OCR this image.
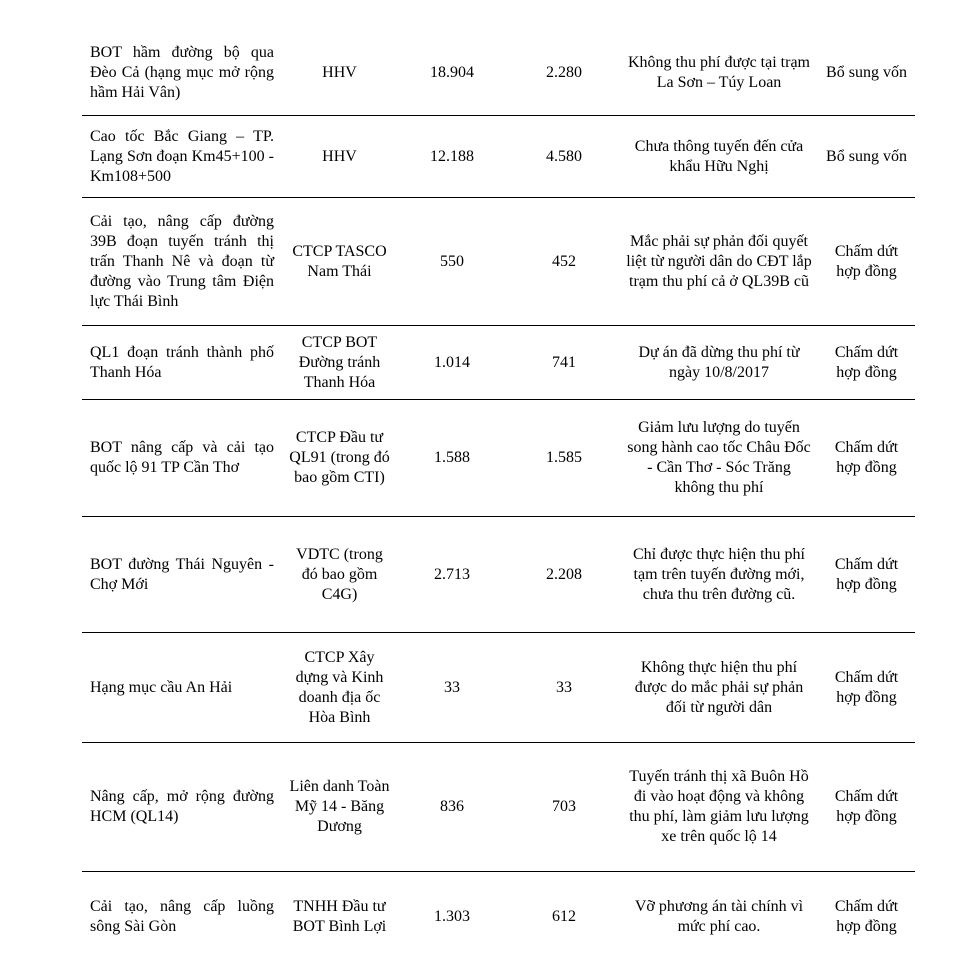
BOT hầm đường bộ qua Đèo Cả (hạng mục mở rộng hầm Hải Vân)	HHV	18.904	2.280	Không thu phí được tại trạm La Sơn – Túy Loan	Bổ sung vốn
Cao tốc Bắc Giang – TP. Lạng Sơn đoạn Km45+100 - Km108+500	HHV	12.188	4.580	Chưa thông tuyến đến cửa khẩu Hữu Nghị	Bổ sung vốn
Cải tạo, nâng cấp đường 39B đoạn tuyến tránh thị trấn Thanh Nê và đoạn từ đường vào Trung tâm Điện lực Thái Bình	CTCP TASCO Nam Thái	550	452	Mắc phải sự phản đối quyết liệt từ người dân do CĐT lắp trạm thu phí cả ở QL39B cũ	Chấm dứt hợp đồng
QL1 đoạn tránh thành phố Thanh Hóa	CTCP BOT Đường tránh Thanh Hóa	1.014	741	Dự án đã dừng thu phí từ ngày 10/8/2017	Chấm dứt hợp đồng
BOT nâng cấp và cải tạo quốc lộ 91 TP Cần Thơ	CTCP Đầu tư QL91 (trong đó bao gồm CTI)	1.588	1.585	Giảm lưu lượng do tuyến song hành cao tốc Châu Đốc - Cần Thơ - Sóc Trăng không thu phí	Chấm dứt hợp đồng
BOT đường Thái Nguyên - Chợ Mới	VDTC (trong đó bao gồm C4G)	2.713	2.208	Chỉ được thực hiện thu phí tạm trên tuyến đường mới, chưa thu trên đường cũ.	Chấm dứt hợp đồng
Hạng mục cầu An Hải	CTCP Xây dựng và Kinh doanh địa ốc Hòa Bình	33	33	Không thực hiện thu phí được do mắc phải sự phản đối từ người dân	Chấm dứt hợp đồng
Nâng cấp, mở rộng đường HCM (QL14)	Liên danh Toàn Mỹ 14 - Băng Dương	836	703	Tuyến tránh thị xã Buôn Hồ đi vào hoạt động và không thu phí, làm giảm lưu lượng xe trên quốc lộ 14	Chấm dứt hợp đồng
Cải tạo, nâng cấp luồng sông Sài Gòn	TNHH Đầu tư BOT Bình Lợi	1.303	612	Vỡ phương án tài chính vì mức phí cao.	Chấm dứt hợp đồng
